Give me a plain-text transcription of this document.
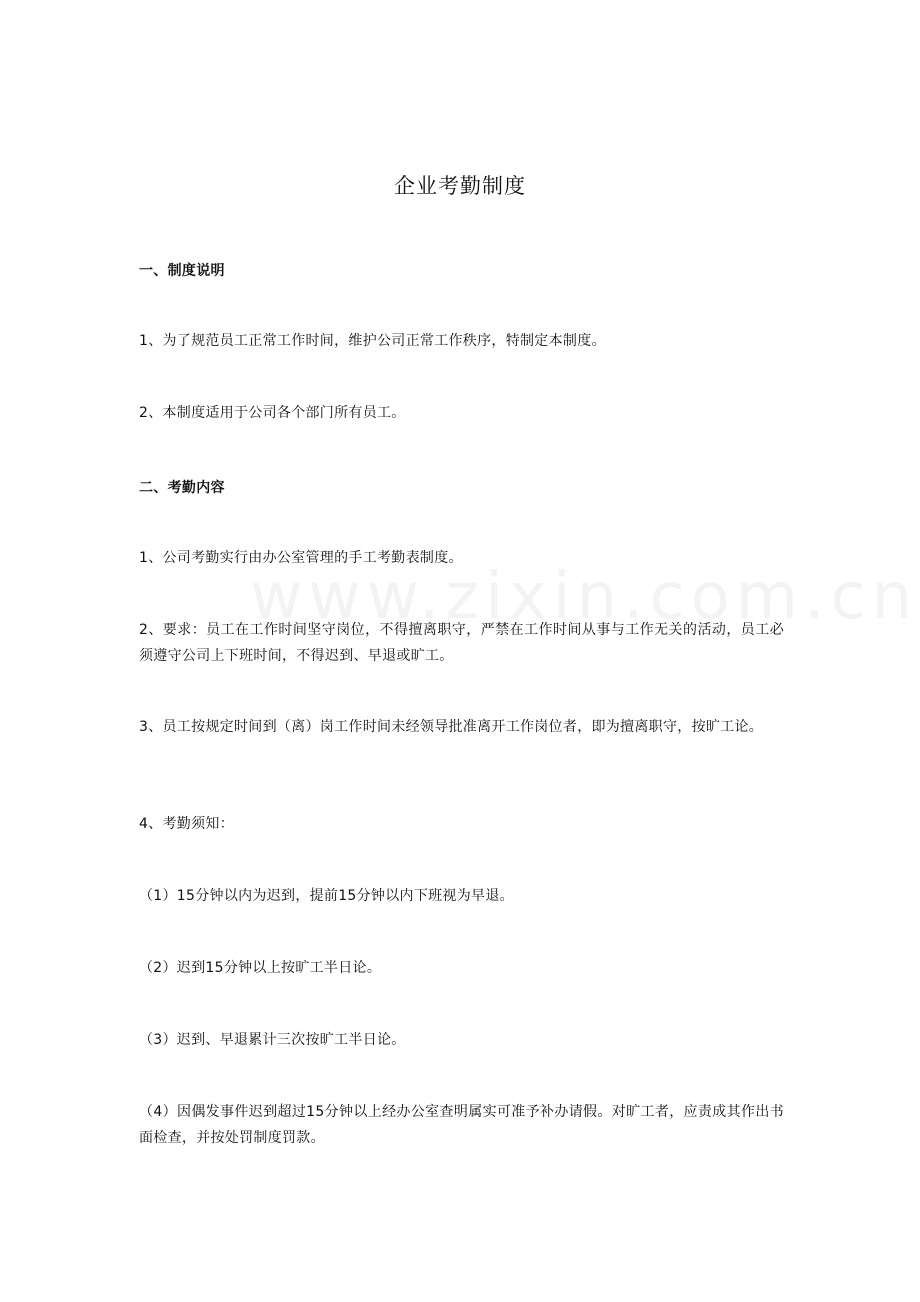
企业考勤制度
一、制度说明

1、为了规范员工正常工作时间，维护公司正常工作秩序，特制定本制度。

2、本制度适用于公司各个部门所有员工。

二、考勤内容

1、公司考勤实行由办公室管理的手工考勤表制度。

2、要求：员工在工作时间坚守岗位，不得擅离职守，严禁在工作时间从事与工作无关的活动，员工必须遵守公司上下班时间，不得迟到、早退或旷工。

3、员工按规定时间到（离）岗工作时间未经领导批准离开工作岗位者，即为擅离职守，按旷工论。

4、考勤须知：

（1）15分钟以内为迟到，提前15分钟以内下班视为早退。

（2）迟到15分钟以上按旷工半日论。

（3）迟到、早退累计三次按旷工半日论。

（4）因偶发事件迟到超过15分钟以上经办公室查明属实可准予补办请假。对旷工者，应责成其作出书面检查，并按处罚制度罚款。
